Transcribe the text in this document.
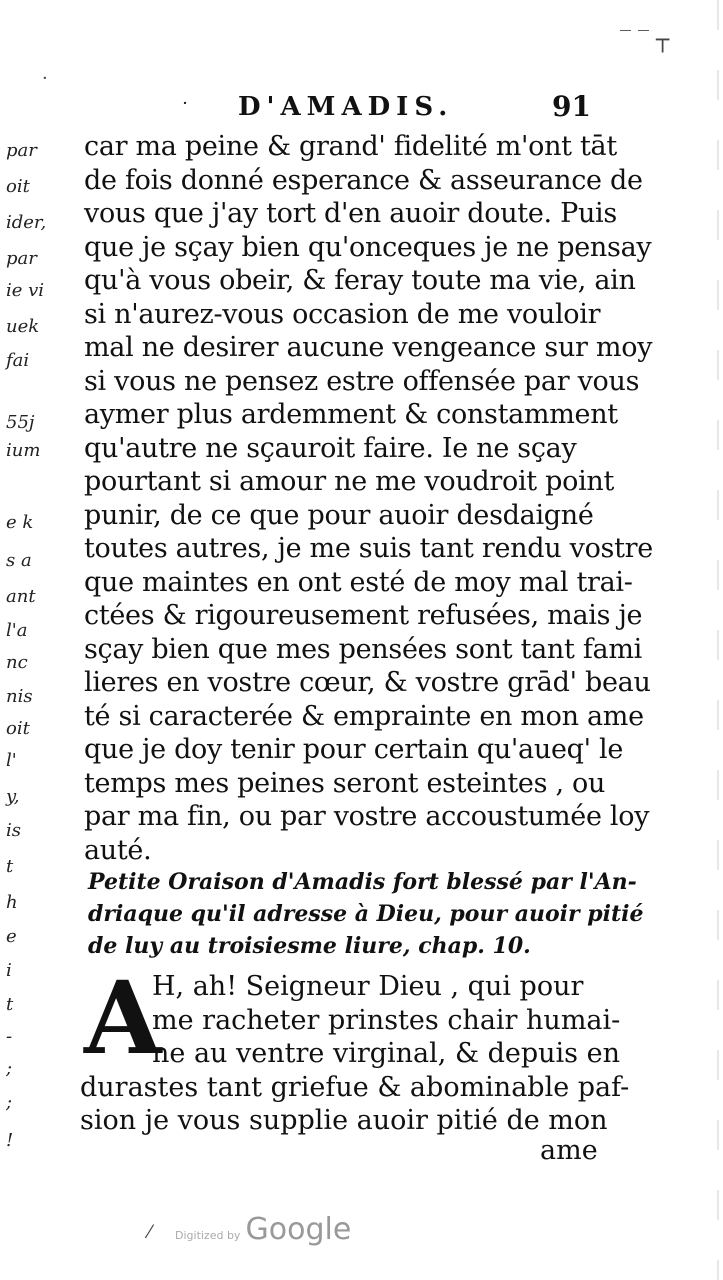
˙ D'AMADIS.	91
par
oit
ider,
par
ie vi
uek
fai
55j
ium
e k
s a
ant
l'a
nc
nis
oit
l'
y,
is
t
h
e
i
t
-
;
;
!
car ma peine & grand' fidelité m'ont tāt
de fois donné esperance & asseurance de
vous que j'ay tort d'en auoir doute. Puis
que je sçay bien qu'onceques je ne pensay
qu'à vous obeir, & feray toute ma vie, ain
si n'aurez-vous occasion de me vouloir
mal ne desirer aucune vengeance sur moy
si vous ne pensez estre offensée par vous
aymer plus ardemment & constamment
qu'autre ne sçauroit faire. Ie ne sçay
pourtant si amour ne me voudroit point
punir, de ce que pour auoir desdaigné
toutes autres, je me suis tant rendu vostre
que maintes en ont esté de moy mal trai-
ctées & rigoureusement refusées, mais je
sçay bien que mes pensées sont tant fami
lieres en vostre cœur, & vostre grād' beau
té si caracterée & emprainte en mon ame
que je doy tenir pour certain qu'aueq' le
temps mes peines seront esteintes , ou
par ma fin, ou par vostre accoustumée loy
auté.
Petite Oraison d'Amadis fort blessé par l'An-
driaque qu'il adresse à Dieu, pour auoir pitié
de luy au troisiesme liure, chap. 10.
A
H, ah! Seigneur Dieu , qui pour
me racheter prinstes chair humai-
ne au ventre virginal, & depuis en
durastes tant griefue & abominable paf-
sion je vous supplie auoir pitié de mon
ame
·
‾ ‾ ┬
⁄ Digitized by Google
